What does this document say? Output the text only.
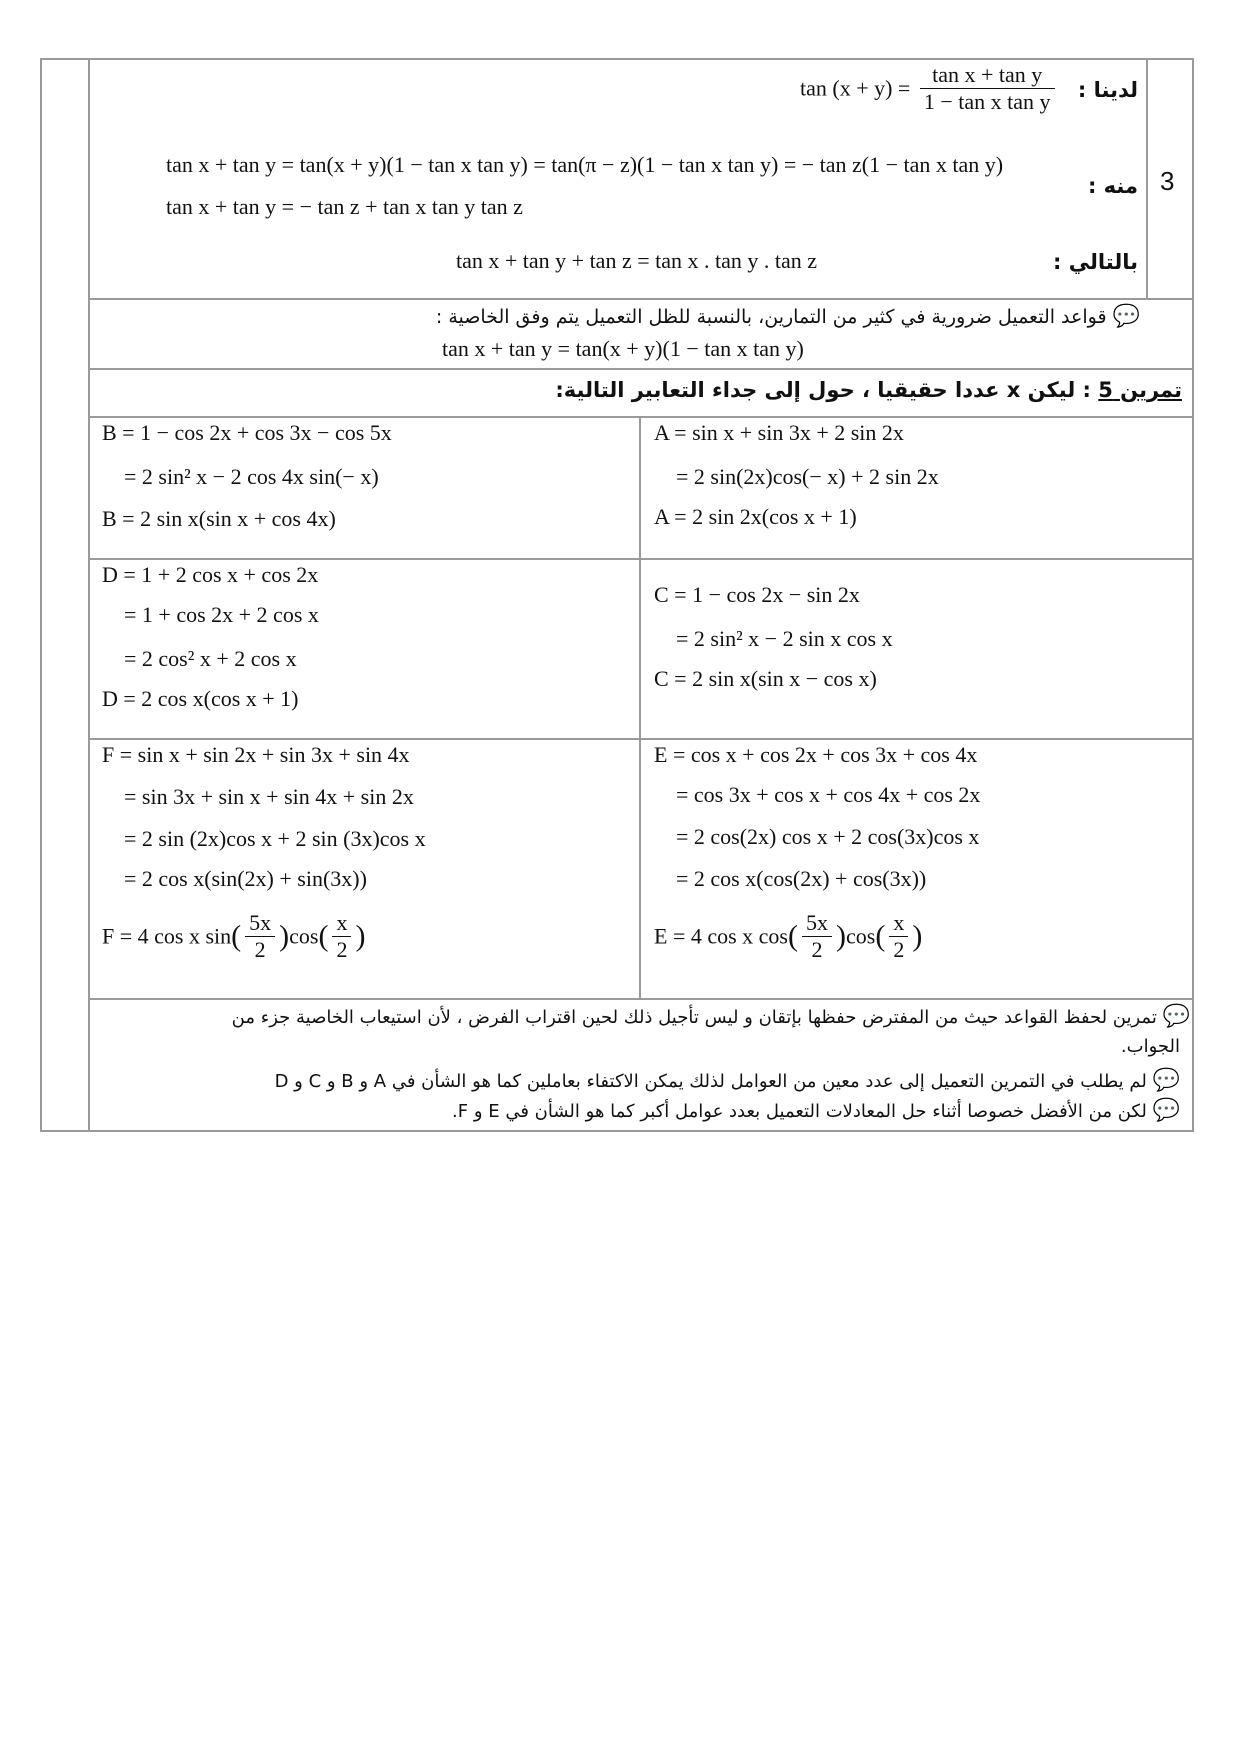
3
لدينا :
$\tan (x + y) = \frac{\text{tan x + tan y}}{\text{1 − tan x tan y}}$
منه :
tan x + tan y = tan(x + y)(1 − tan x tan y) = tan(π − z)(1 − tan x tan y) = − tan z(1 − tan x tan y)
tan x + tan y = − tan z + tan x tan y tan z
بالتالي :
tan x + tan y + tan z = tan x . tan y . tan z
💬 قواعد التعميل ضرورية في كثير من التمارين، بالنسبة للظل التعميل يتم وفق الخاصية :
tan x + tan y = tan(x + y)(1 − tan x tan y)
تمرين 5 : ليكن x عددا حقيقيا ، حول إلى جداء التعابير التالية:
A = sin x + sin 3x + 2 sin 2x
= 2 sin(2x)cos(− x) + 2 sin 2x
A = 2 sin 2x(cos x + 1)
B = 1 − cos 2x + cos 3x − cos 5x
= 2 sin² x − 2 cos 4x sin(− x)
B = 2 sin x(sin x + cos 4x)
C = 1 − cos 2x − sin 2x
= 2 sin² x − 2 sin x cos x
C = 2 sin x(sin x − cos x)
D = 1 + 2 cos x + cos 2x
= 1 + cos 2x + 2 cos x
= 2 cos² x + 2 cos x
D = 2 cos x(cos x + 1)
E = cos x + cos 2x + cos 3x + cos 4x
= cos 3x + cos x + cos 4x + cos 2x
= 2 cos(2x) cos x + 2 cos(3x)cos x
= 2 cos x(cos(2x) + cos(3x))
E = 4 cos x $\cos( \frac{5x}{2} )\cos( \frac{x}{2}$ )
F = sin x + sin 2x + sin 3x + sin 4x
= sin 3x + sin x + sin 4x + sin 2x
= 2 sin (2x)cos x + 2 sin (3x)cos x
= 2 cos x(sin(2x) + sin(3x))
F = 4 cos x $\sin( \frac{5x}{2} )\cos( \frac{x}{2}$ )
💬 تمرين لحفظ القواعد حيث من المفترض حفظها بإتقان و ليس تأجيل ذلك لحين اقتراب الفرض ، لأن استيعاب الخاصية جزء من
الجواب.
💬 لم يطلب في التمرين التعميل إلى عدد معين من العوامل لذلك يمكن الاكتفاء بعاملين كما هو الشأن في A و B و C و D
💬 لكن من الأفضل خصوصا أثناء حل المعادلات التعميل بعدد عوامل أكبر كما هو الشأن في E و F.
